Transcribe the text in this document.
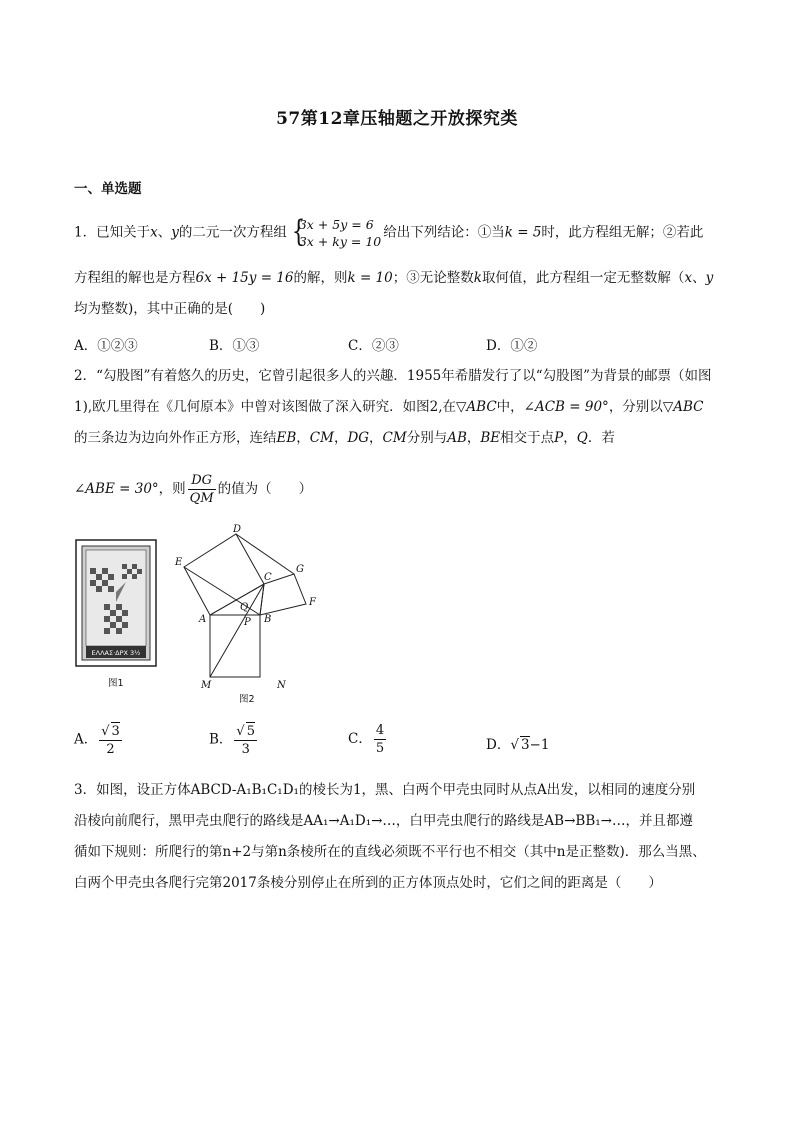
57第12章压轴题之开放探究类
一、单选题
1．已知关于x、y的二元一次方程组 {
3x + 5y = 6
3x + ky = 10
给出下列结论：①当k = 5时，此方程组无解；②若此
方程组的解也是方程6x + 15y = 16的解，则k = 10；③无论整数k取何值，此方程组一定无整数解（x、y
均为整数)，其中正确的是(　　)
A．①②③	B．①③	C．②③	D．①②
2．“勾股图”有着悠久的历史，它曾引起很多人的兴趣．1955年希腊发行了以“勾股图”为背景的邮票（如图
1),欧几里得在《几何原本》中曾对该图做了深入研究．如图2,在▽ABC中，∠ACB = 90°，分别以▽ABC
的三条边为边向外作正方形，连结EB，CM，DG，CM分别与AB，BE相交于点P，Q．若
∠ABE = 30°，则 $\frac{DG}{QM}$ 的值为（　　）
ΕΛΛΑΣ·ΔΡΧ 3½
D
E
G
C
F
Q
A	P B
M	N
图1
图2
A． $\frac{√ 3}{2}$	B． $\frac{√ 5}{3}$	C． $\frac{4}{5}$	D．√ 3−1
3．如图，设正方体ABCD-A₁B₁C₁D₁的棱长为1，黑、白两个甲壳虫同时从点A出发，以相同的速度分别
沿棱向前爬行，黑甲壳虫爬行的路线是AA₁→A₁D₁→…，白甲壳虫爬行的路线是AB→BB₁→…，并且都遵
循如下规则：所爬行的第n+2与第n条棱所在的直线必须既不平行也不相交（其中n是正整数)．那么当黑、
白两个甲壳虫各爬行完第2017条棱分别停止在所到的正方体顶点处时，它们之间的距离是（　　）
